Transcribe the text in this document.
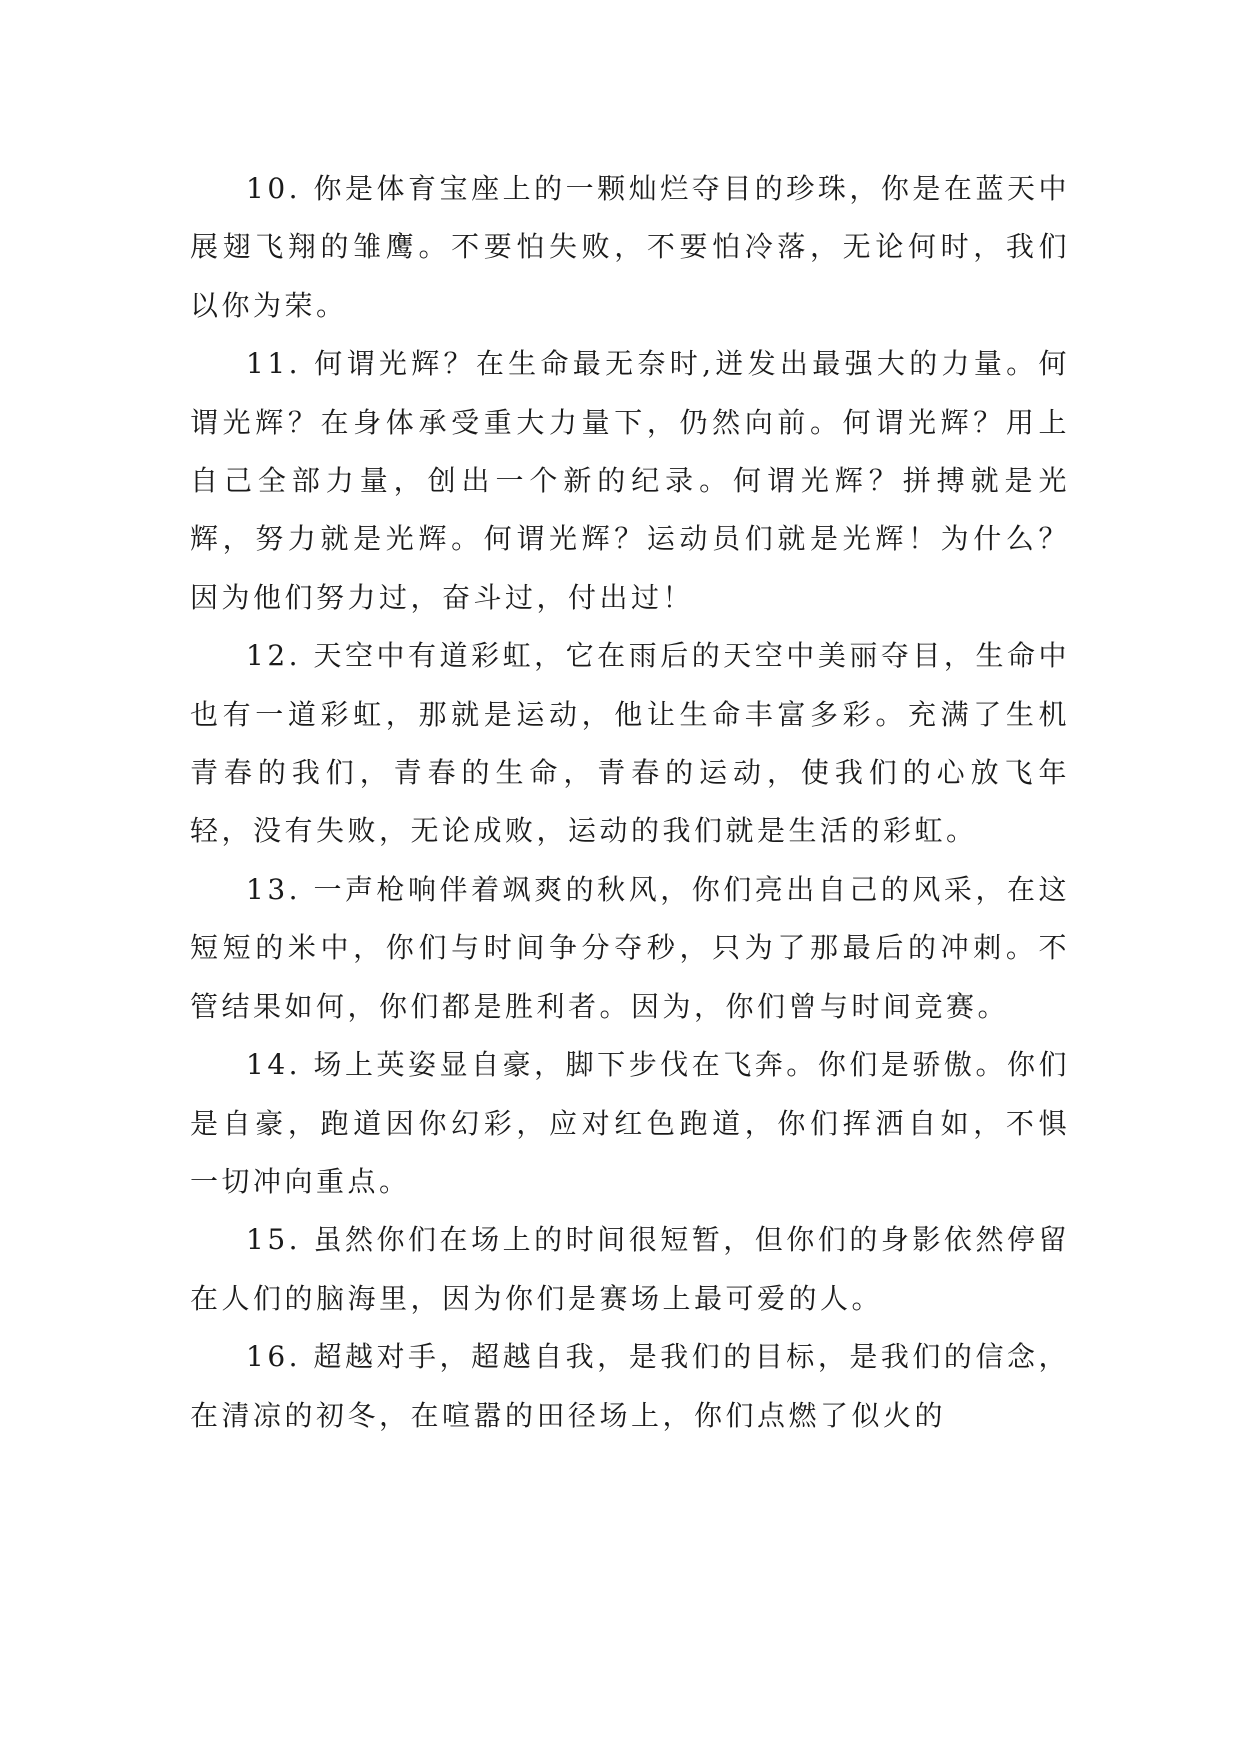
10. 你是体育宝座上的一颗灿烂夺目的珍珠，你是在蓝天中展翅飞翔的雏鹰。不要怕失败，不要怕冷落，无论何时，我们以你为荣。

11. 何谓光辉？在生命最无奈时,迸发出最强大的力量。何谓光辉？在身体承受重大力量下，仍然向前。何谓光辉？用上自己全部力量，创出一个新的纪录。何谓光辉？拼搏就是光辉，努力就是光辉。何谓光辉？运动员们就是光辉！为什么？因为他们努力过，奋斗过，付出过！

12. 天空中有道彩虹，它在雨后的天空中美丽夺目，生命中也有一道彩虹，那就是运动，他让生命丰富多彩。充满了生机青春的我们，青春的生命，青春的运动，使我们的心放飞年轻，没有失败，无论成败，运动的我们就是生活的彩虹。

13. 一声枪响伴着飒爽的秋风，你们亮出自己的风采，在这短短的米中，你们与时间争分夺秒，只为了那最后的冲刺。不管结果如何，你们都是胜利者。因为，你们曾与时间竞赛。

14. 场上英姿显自豪，脚下步伐在飞奔。你们是骄傲。你们是自豪，跑道因你幻彩，应对红色跑道，你们挥洒自如，不惧一切冲向重点。

15. 虽然你们在场上的时间很短暂，但你们的身影依然停留在人们的脑海里，因为你们是赛场上最可爱的人。

16. 超越对手，超越自我，是我们的目标，是我们的信念，在清凉的初冬，在喧嚣的田径场上，你们点燃了似火的
